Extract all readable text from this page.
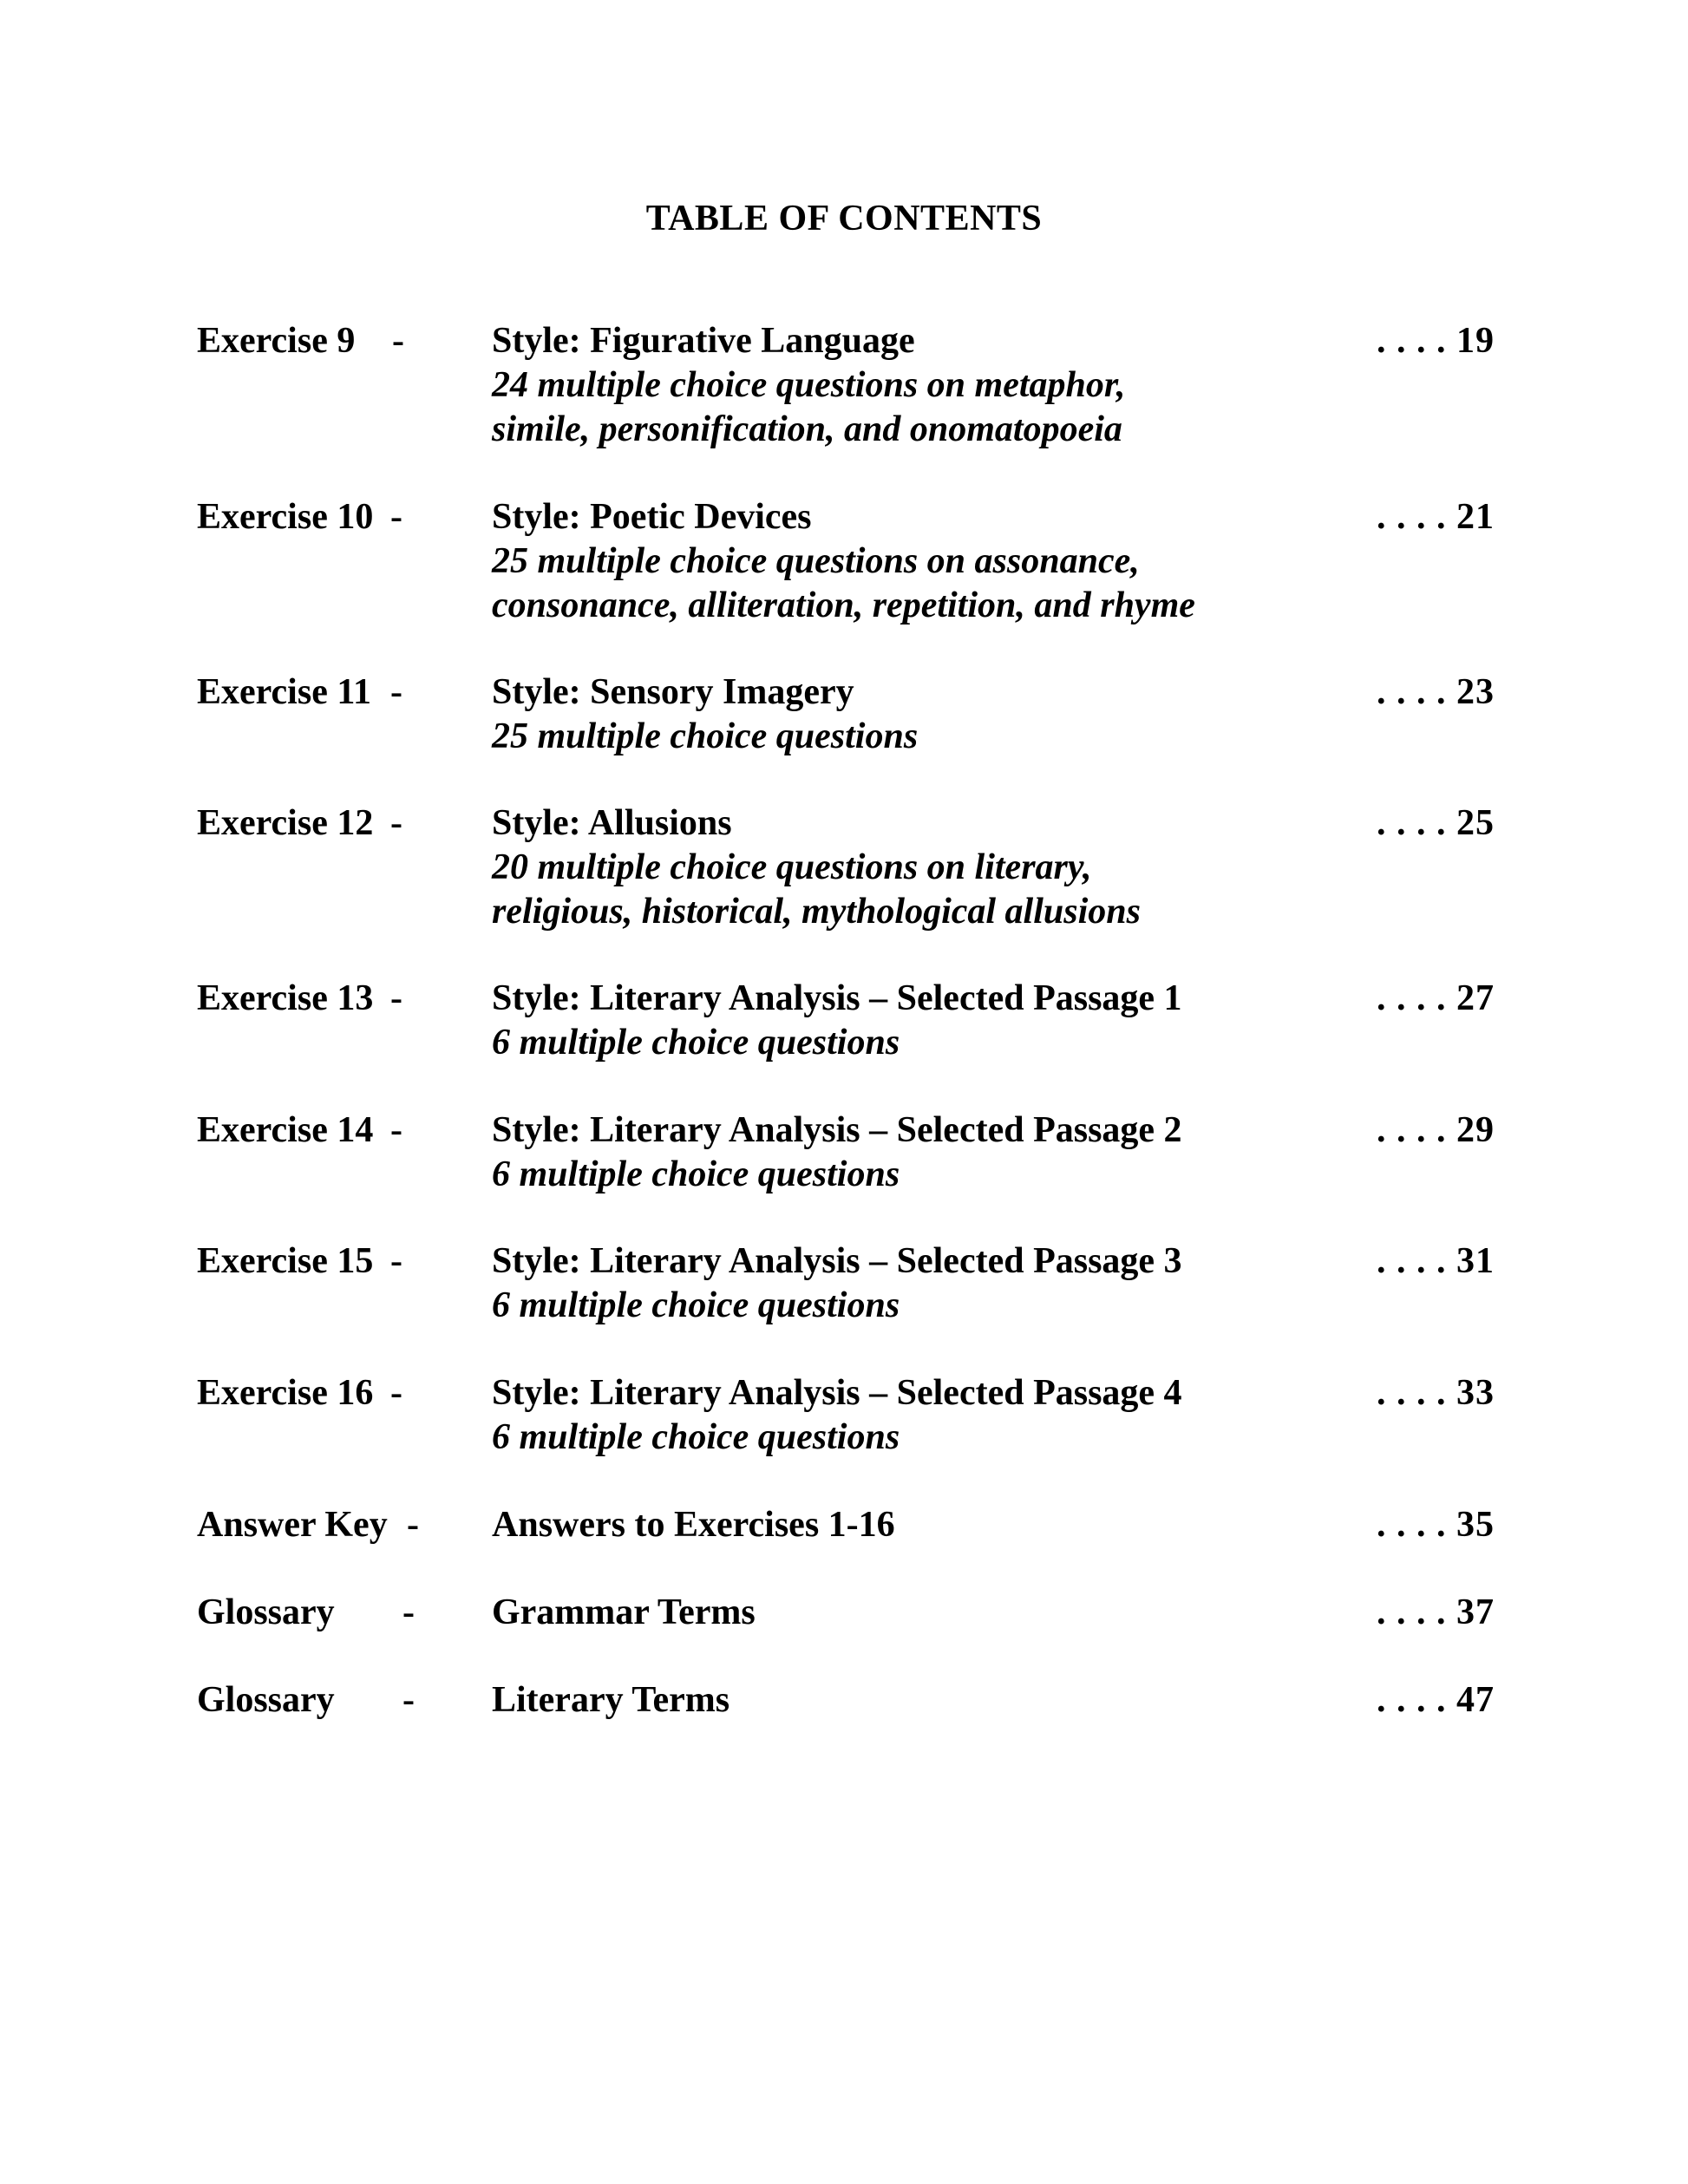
TABLE OF CONTENTS
Exercise 9 - Style: Figurative Language
24 multiple choice questions on metaphor,
simile, personification, and onomatopoeia
. . . . 19
Exercise 10 - Style: Poetic Devices
25 multiple choice questions on assonance,
consonance, alliteration, repetition, and rhyme
. . . . 21
Exercise 11 - Style: Sensory Imagery
25 multiple choice questions
. . . . 23
Exercise 12 - Style: Allusions
20 multiple choice questions on literary,
religious, historical, mythological allusions
. . . . 25
Exercise 13 - Style: Literary Analysis – Selected Passage 1
6 multiple choice questions
. . . . 27
Exercise 14 - Style: Literary Analysis – Selected Passage 2
6 multiple choice questions
. . . . 29
Exercise 15 - Style: Literary Analysis – Selected Passage 3
6 multiple choice questions
. . . . 31
Exercise 16 - Style: Literary Analysis – Selected Passage 4
6 multiple choice questions
. . . . 33
Answer Key - Answers to Exercises 1-16	. . . . 35
Glossary - Grammar Terms	. . . . 37
Glossary - Literary Terms	. . . . 47
